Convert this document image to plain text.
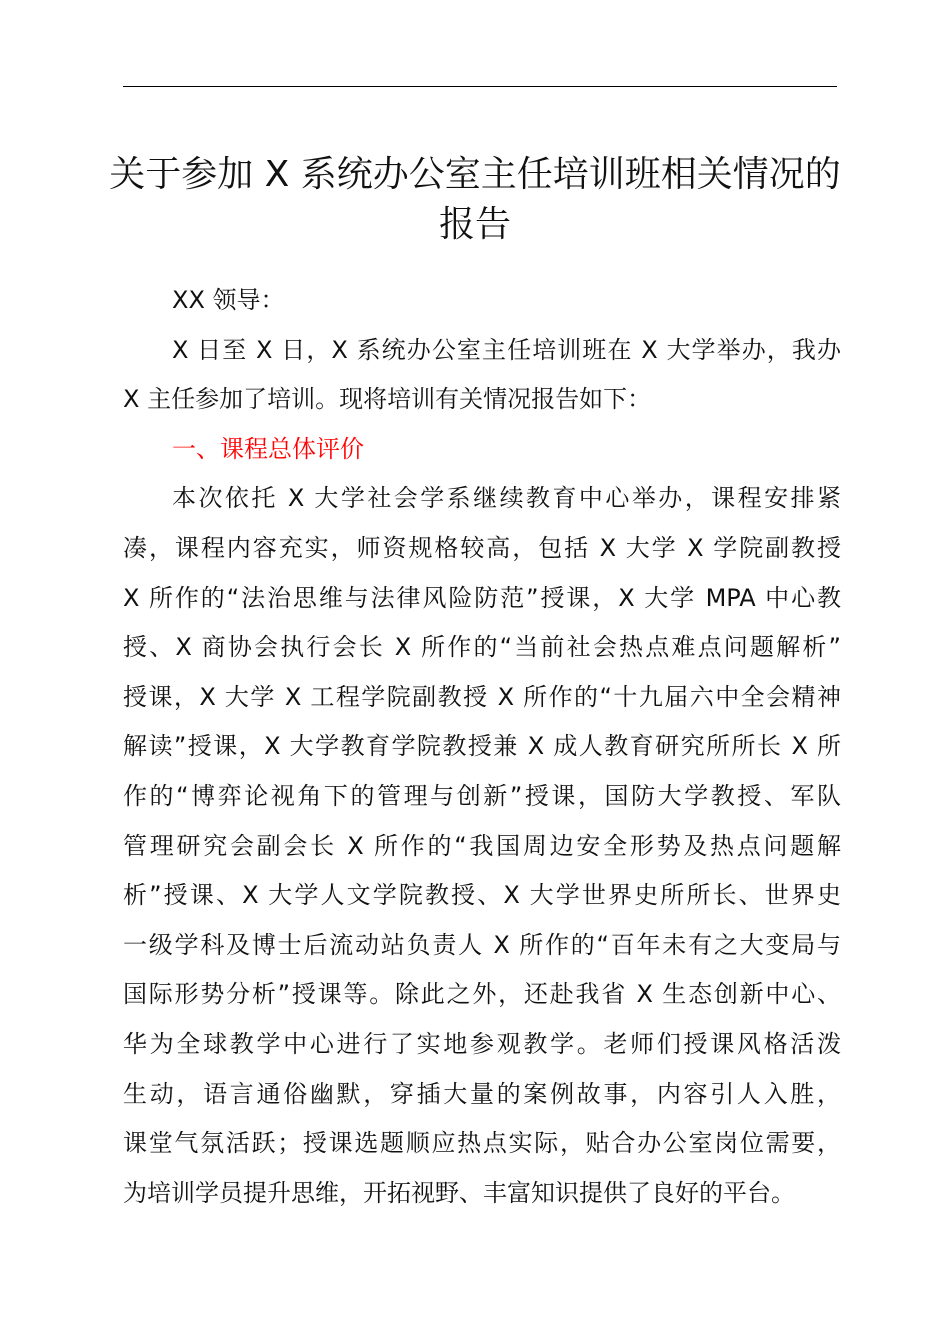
关于参加 X 系统办公室主任培训班相关情况的
报告
XX 领导：
X 日至 X 日，X 系统办公室主任培训班在 X 大学举办，我办
X 主任参加了培训。现将培训有关情况报告如下：
一、课程总体评价
本次依托 X 大学社会学系继续教育中心举办，课程安排紧
凑，课程内容充实，师资规格较高，包括 X 大学 X 学院副教授
X 所作的“法治思维与法律风险防范”授课，X 大学 MPA 中心教
授、X 商协会执行会长 X 所作的“当前社会热点难点问题解析”
授课，X 大学 X 工程学院副教授 X 所作的“十九届六中全会精神
解读”授课，X 大学教育学院教授兼 X 成人教育研究所所长 X 所
作的“博弈论视角下的管理与创新”授课，国防大学教授、军队
管理研究会副会长 X 所作的“我国周边安全形势及热点问题解
析”授课、X 大学人文学院教授、X 大学世界史所所长、世界史
一级学科及博士后流动站负责人 X 所作的“百年未有之大变局与
国际形势分析”授课等。除此之外，还赴我省 X 生态创新中心、
华为全球教学中心进行了实地参观教学。老师们授课风格活泼
生动，语言通俗幽默，穿插大量的案例故事，内容引人入胜，
课堂气氛活跃；授课选题顺应热点实际，贴合办公室岗位需要，
为培训学员提升思维，开拓视野、丰富知识提供了良好的平台。
